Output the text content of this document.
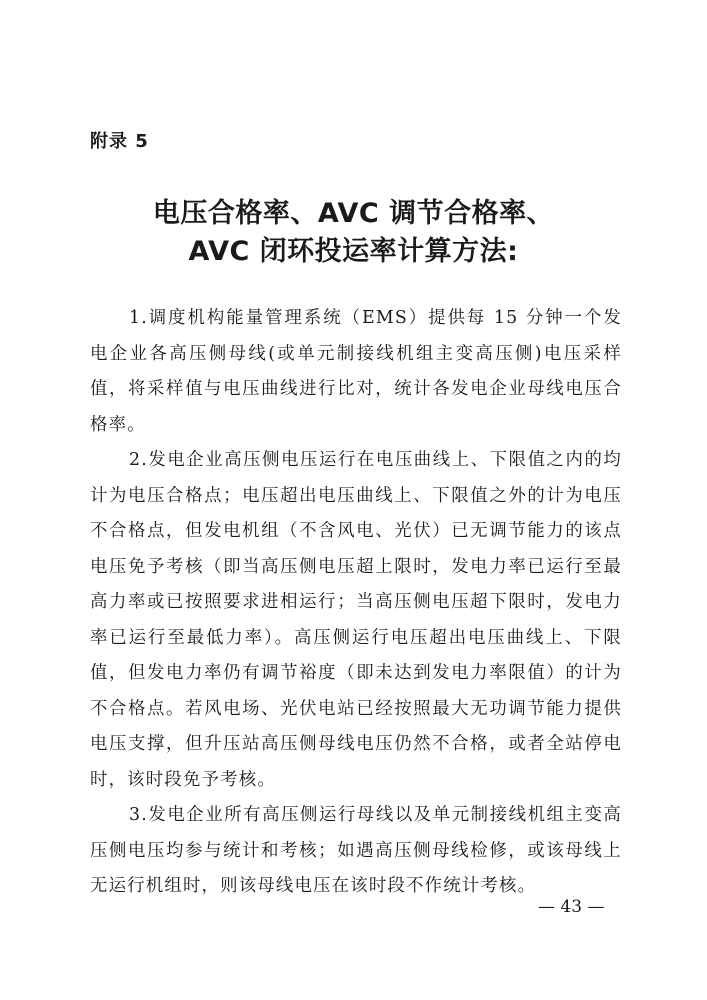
附录 5
电压合格率、AVC 调节合格率、
AVC 闭环投运率计算方法:

1.调度机构能量管理系统（EMS）提供每 15 分钟一个发电企业各高压侧母线(或单元制接线机组主变高压侧)电压采样值，将采样值与电压曲线进行比对，统计各发电企业母线电压合格率。

2.发电企业高压侧电压运行在电压曲线上、下限值之内的均计为电压合格点；电压超出电压曲线上、下限值之外的计为电压不合格点，但发电机组（不含风电、光伏）已无调节能力的该点电压免予考核（即当高压侧电压超上限时，发电力率已运行至最高力率或已按照要求进相运行；当高压侧电压超下限时，发电力率已运行至最低力率）。高压侧运行电压超出电压曲线上、下限值，但发电力率仍有调节裕度（即未达到发电力率限值）的计为不合格点。若风电场、光伏电站已经按照最大无功调节能力提供电压支撑，但升压站高压侧母线电压仍然不合格，或者全站停电时，该时段免予考核。

3.发电企业所有高压侧运行母线以及单元制接线机组主变高压侧电压均参与统计和考核；如遇高压侧母线检修，或该母线上无运行机组时，则该母线电压在该时段不作统计考核。

— 43 —
